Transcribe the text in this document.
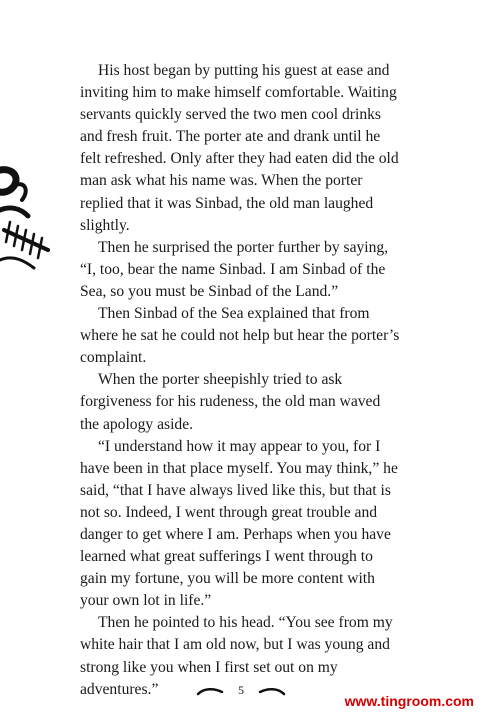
His host began by putting his guest at ease and inviting him to make himself comfortable. Waiting servants quickly served the two men cool drinks and fresh fruit. The porter ate and drank until he felt refreshed. Only after they had eaten did the old man ask what his name was. When the porter replied that it was Sinbad, the old man laughed slightly.

Then he surprised the porter further by saying, “I, too, bear the name Sinbad. I am Sinbad of the Sea, so you must be Sinbad of the Land.”

Then Sinbad of the Sea explained that from where he sat he could not help but hear the porter’s complaint.

When the porter sheepishly tried to ask forgiveness for his rudeness, the old man waved the apology aside.

“I understand how it may appear to you, for I have been in that place myself. You may think,” he said, “that I have always lived like this, but that is not so. Indeed, I went through great trouble and danger to get where I am. Perhaps when you have learned what great sufferings I went through to gain my fortune, you will be more content with your own lot in life.”

Then he pointed to his head. “You see from my white hair that I am old now, but I was young and strong like you when I first set out on my adventures.”	5
www.tingroom.com
